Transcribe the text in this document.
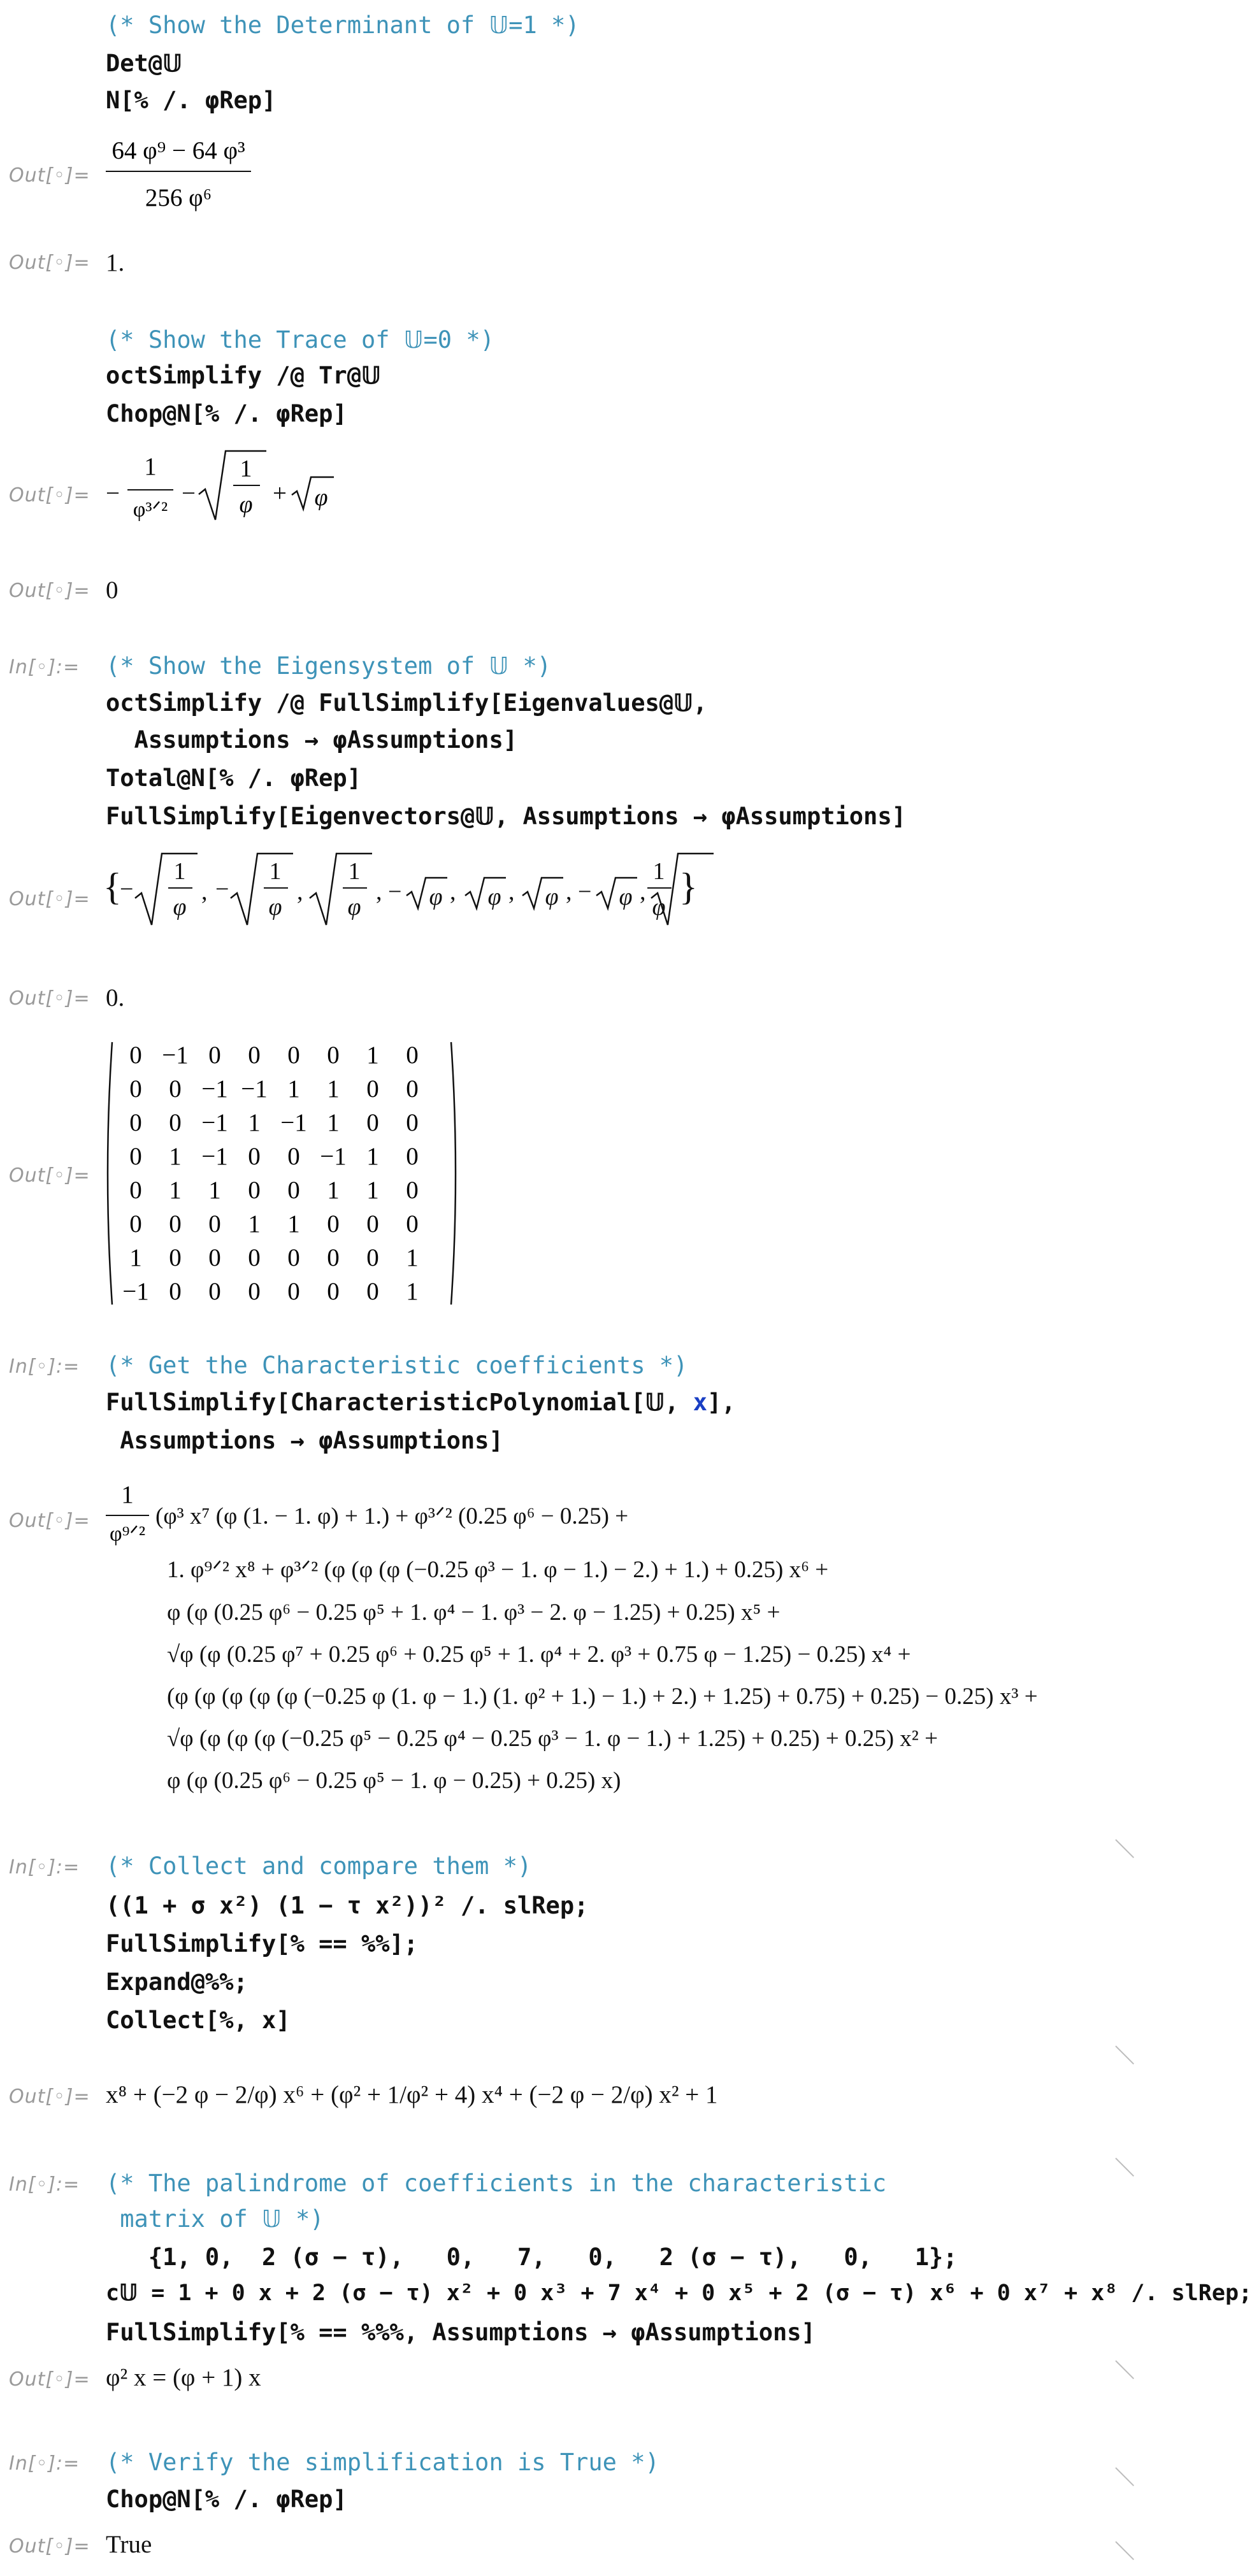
(* Show the Determinant of 𝕌=1 *)
Det@𝕌
N[% /. φRep]
Out[◦]=
64 φ⁹ − 64 φ³
256 φ⁶
Out[◦]= 1.
(* Show the Trace of 𝕌=0 *)
octSimplify /@ Tr@𝕌
Chop@N[% /. φRep]
Out[◦]= −
1
φ³ᐟ²
−
1
φ + φ
Out[◦]= 0
In[◦]:=	(* Show the Eigensystem of 𝕌 *)
octSimplify /@ FullSimplify[Eigenvalues@𝕌,
Assumptions → φAssumptions]
Total@N[% /. φRep]
FullSimplify[Eigenvectors@𝕌, Assumptions → φAssumptions]
Out[◦]= {
−
1
φ
, −
1
φ
,
1
φ
, − φ , φ , φ , − φ ,
1
φ }
Out[◦]= 0.
Out[◦]=
0	−1	0	0	0	0	1	0
0	0	−1	−1	1	1	0	0
0	0	−1	1	−1	1	0	0
0	1	−1	0	0	−1	1	0
0	1	1	0	0	1	1	0
0	0	0	1	1	0	0	0
1	0	0	0	0	0	0	1
−1	0	0	0	0	0	0	1
In[◦]:=	(* Get the Characteristic coefficients *)
FullSimplify[CharacteristicPolynomial[𝕌, x],
Assumptions → φAssumptions]
Out[◦]=
1
φ⁹ᐟ²
(φ³ x⁷ (φ (1. − 1. φ) + 1.) + φ³ᐟ² (0.25 φ⁶ − 0.25) +
1. φ⁹ᐟ² x⁸ + φ³ᐟ² (φ (φ (φ (−0.25 φ³ − 1. φ − 1.) − 2.) + 1.) + 0.25) x⁶ +
φ (φ (0.25 φ⁶ − 0.25 φ⁵ + 1. φ⁴ − 1. φ³ − 2. φ − 1.25) + 0.25) x⁵ +
√φ (φ (0.25 φ⁷ + 0.25 φ⁶ + 0.25 φ⁵ + 1. φ⁴ + 2. φ³ + 0.75 φ − 1.25) − 0.25) x⁴ +
(φ (φ (φ (φ (φ (−0.25 φ (1. φ − 1.) (1. φ² + 1.) − 1.) + 2.) + 1.25) + 0.75) + 0.25) − 0.25) x³ +
√φ (φ (φ (φ (−0.25 φ⁵ − 0.25 φ⁴ − 0.25 φ³ − 1. φ − 1.) + 1.25) + 0.25) + 0.25) x² +
φ (φ (0.25 φ⁶ − 0.25 φ⁵ − 1. φ − 0.25) + 0.25) x)
In[◦]:=	(* Collect and compare them *)
((1 + σ x²) (1 − τ x²))² /. slRep;
FullSimplify[% == %%];
Expand@%%;
Collect[%, x]
Out[◦]= x⁸ + (−2 φ − 2/φ) x⁶ + (φ² + 1/φ² + 4) x⁴ + (−2 φ − 2/φ) x² + 1
In[◦]:=	(* The palindrome of coefficients in the characteristic
matrix of 𝕌 *)
{1, 0,  2 (σ − τ),   0,   7,   0,   2 (σ − τ),   0,   1};
c𝕌 = 1 + 0 x + 2 (σ − τ) x² + 0 x³ + 7 x⁴ + 0 x⁵ + 2 (σ − τ) x⁶ + 0 x⁷ + x⁸ /. slRep;
FullSimplify[% == %%%, Assumptions → φAssumptions]
Out[◦]= φ² x = (φ + 1) x
In[◦]:=	(* Verify the simplification is True *)
Chop@N[% /. φRep]
Out[◦]= True
